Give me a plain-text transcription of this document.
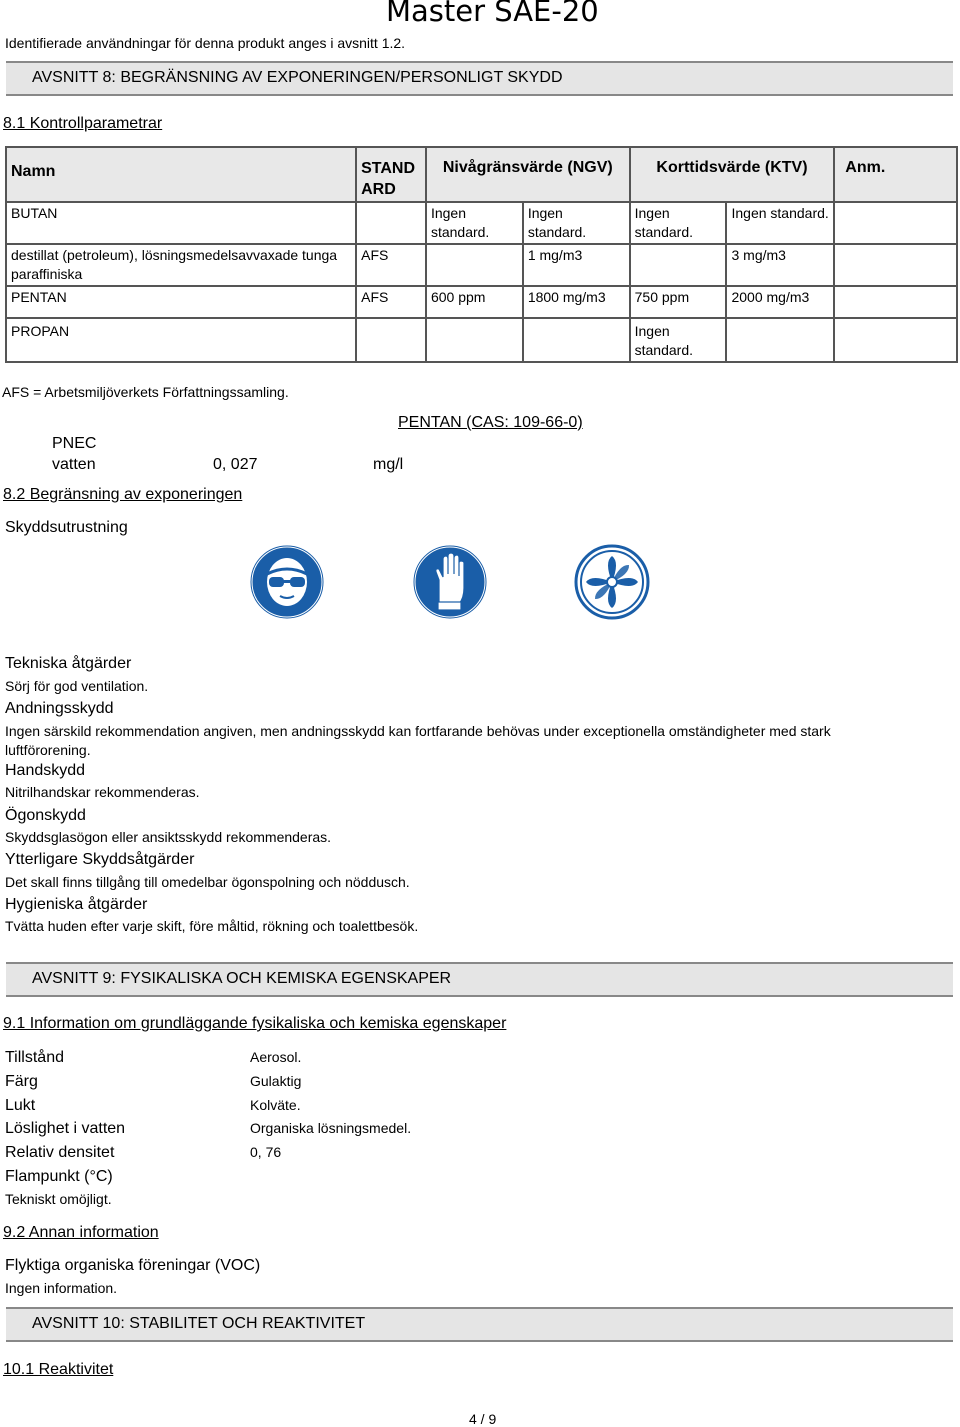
Master SAE-20
Identifierade användningar för denna produkt anges i avsnitt 1.2.
AVSNITT 8: BEGRÄNSNING AV EXPONERINGEN/PERSONLIGT SKYDD
8.1 Kontrollparametrar
Namn	STAND ARD	Nivågränsvärde (NGV)		Korttidsvärde (KTV)		Anm.
BUTAN		Ingen standard.	Ingen standard.	Ingen standard.	Ingen standard.	
destillat (petroleum), lösningsmedelsavvaxade tunga paraffiniska	AFS		1 mg/m3		3 mg/m3	
PENTAN	AFS	600 ppm	1800 mg/m3	750 ppm	2000 mg/m3	
PROPAN				Ingen standard.		
AFS = Arbetsmiljöverkets Författningssamling.
PENTAN (CAS: 109-66-0)
PNEC
vatten	0, 027	mg/l
8.2 Begränsning av exponeringen
Skyddsutrustning
Tekniska åtgärder
Sörj för god ventilation.
Andningsskydd
Ingen särskild rekommendation angiven, men andningsskydd kan fortfarande behövas under exceptionella omständigheter med stark
luftförorening.
Handskydd
Nitrilhandskar rekommenderas.
Ögonskydd
Skyddsglasögon eller ansiktsskydd rekommenderas.
Ytterligare Skyddsåtgärder
Det skall finns tillgång till omedelbar ögonspolning och nöddusch.
Hygieniska åtgärder
Tvätta huden efter varje skift, före måltid, rökning och toalettbesök.
AVSNITT 9: FYSIKALISKA OCH KEMISKA EGENSKAPER
9.1 Information om grundläggande fysikaliska och kemiska egenskaper
Tillstånd	Aerosol.
Färg	Gulaktig
Lukt	Kolväte.
Löslighet i vatten	Organiska lösningsmedel.
Relativ densitet	0, 76
Flampunkt (°C)
Tekniskt omöjligt.
9.2 Annan information
Flyktiga organiska föreningar (VOC)
Ingen information.
AVSNITT 10: STABILITET OCH REAKTIVITET
10.1 Reaktivitet
4 / 9
